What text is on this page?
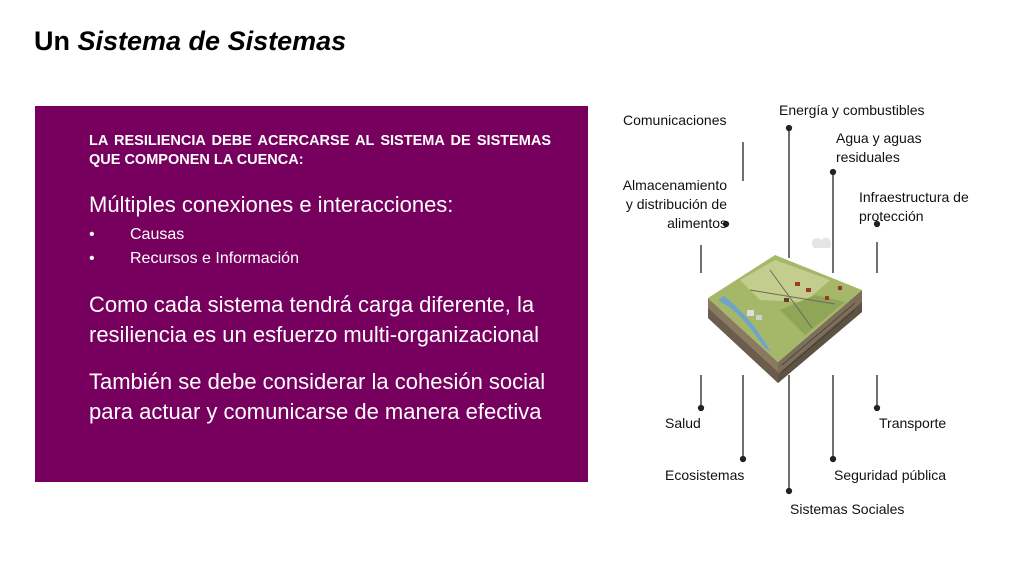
Un Sistema de Sistemas
LA RESILIENCIA DEBE ACERCARSE AL SISTEMA DE SISTEMAS QUE COMPONEN LA CUENCA:
Múltiples conexiones e interacciones:
• Causas
• Recursos e Información
Como cada sistema tendrá carga diferente, la resiliencia es un esfuerzo multi-organizacional
También se debe considerar la cohesión social para actuar y comunicarse de manera efectiva
Comunicaciones
Energía y combustibles
Agua y aguas
residuales
Almacenamiento
y distribución de
alimentos
Infraestructura de
protección
Salud	Transporte
Ecosistemas	Seguridad pública
Sistemas Sociales
